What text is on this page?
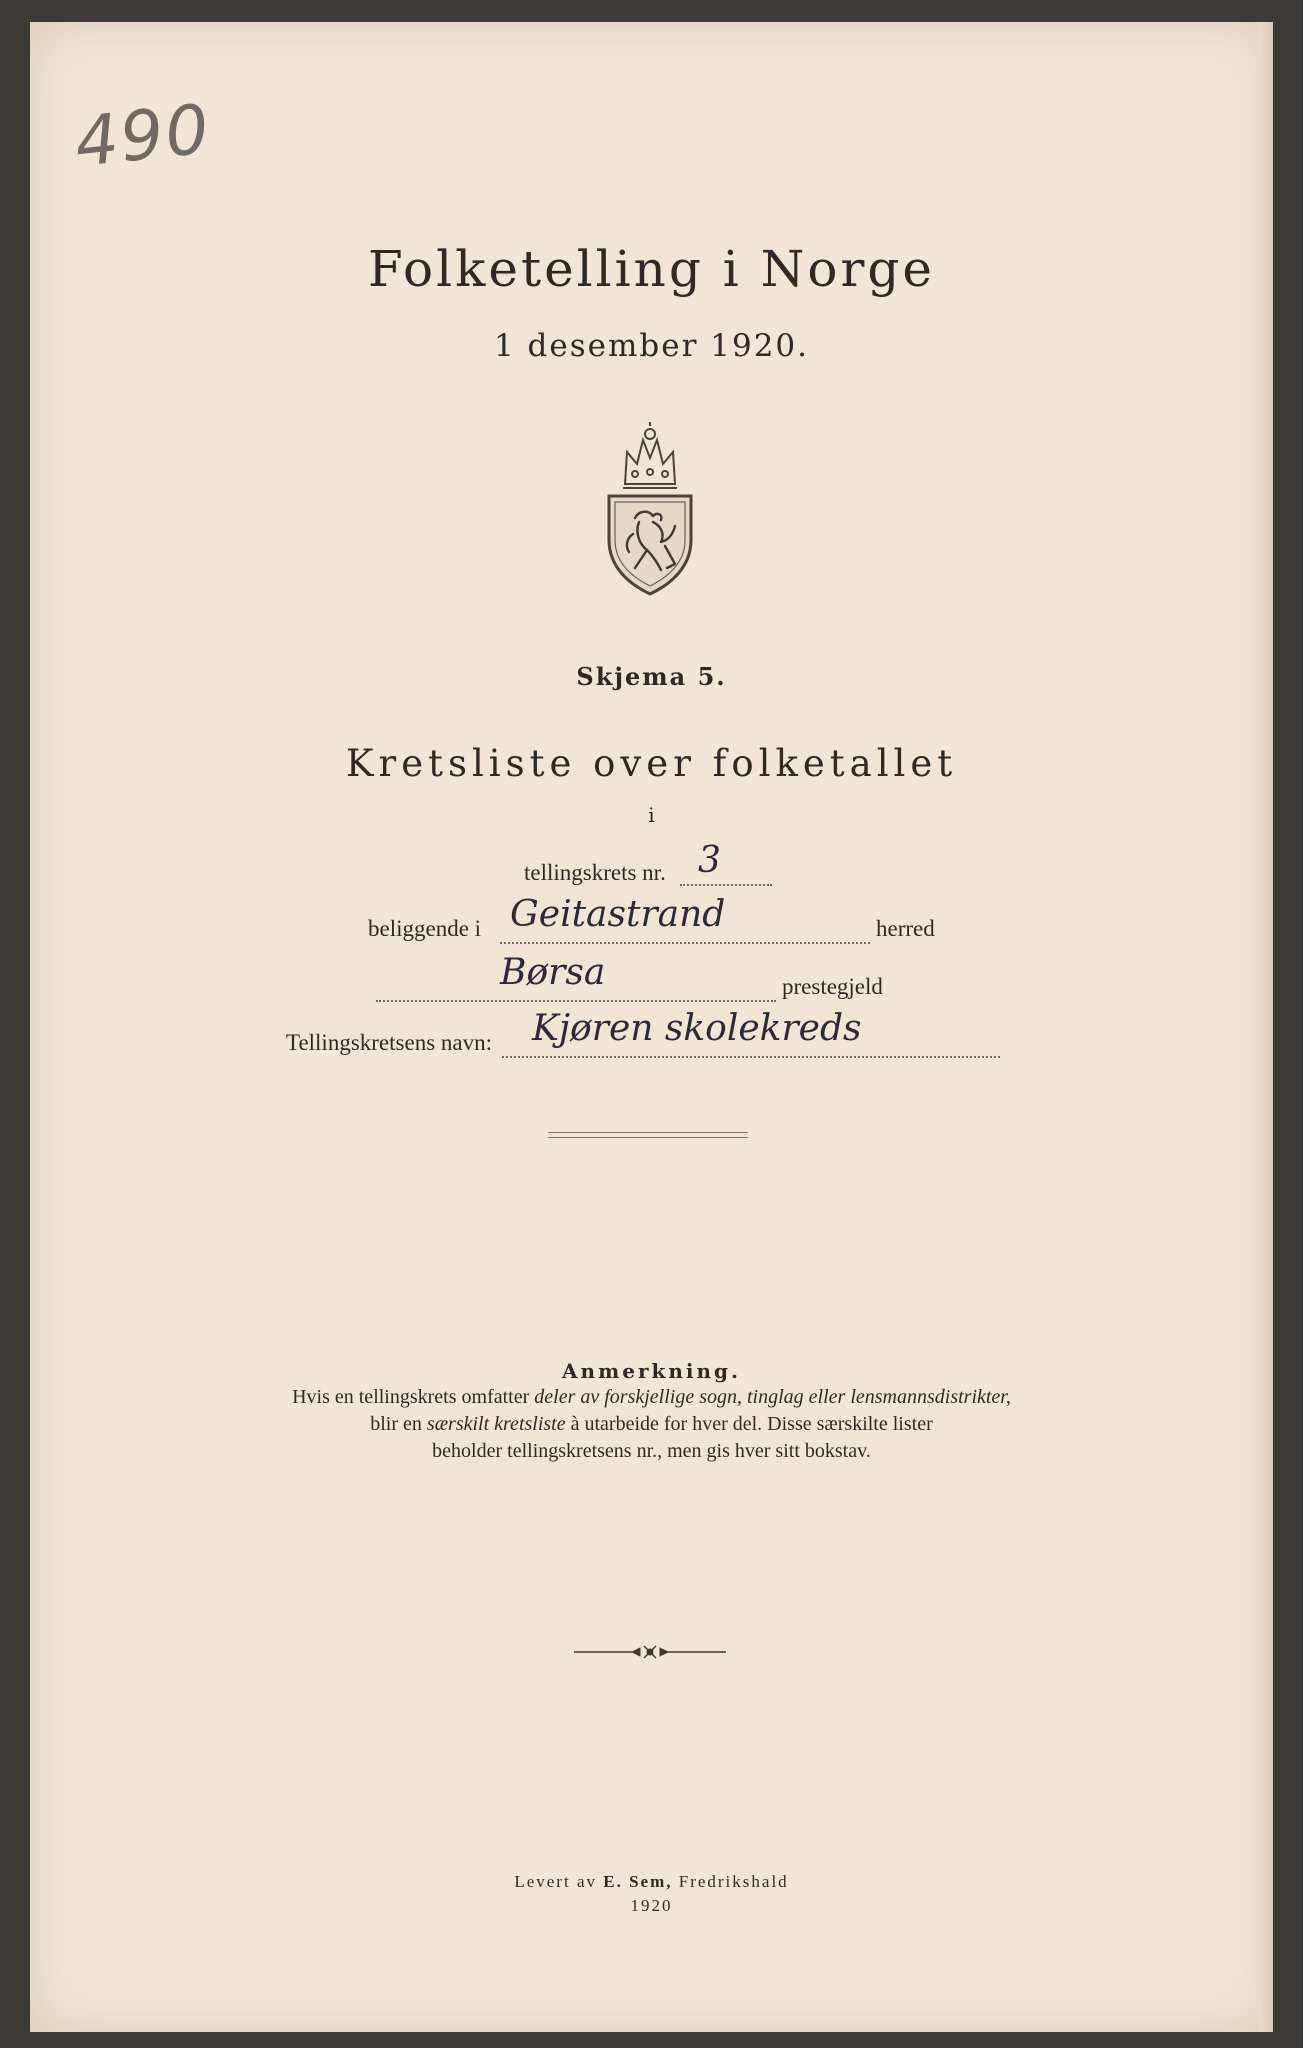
490
Folketelling i Norge
1 desember 1920.
Skjema 5.
Kretsliste over folketallet
i
tellingskrets nr. 3
beliggende i Geitastrand	herred
Børsa	prestegjeld
Tellingskretsens navn: Kjøren skolekreds
Anmerkning.
Hvis en tellingskrets omfatter deler av forskjellige sogn, tinglag eller lensmannsdistrikter,
blir en særskilt kretsliste à utarbeide for hver del. Disse særskilte lister
beholder tellingskretsens nr., men gis hver sitt bokstav.
Levert av E. Sem, Fredrikshald
1920
